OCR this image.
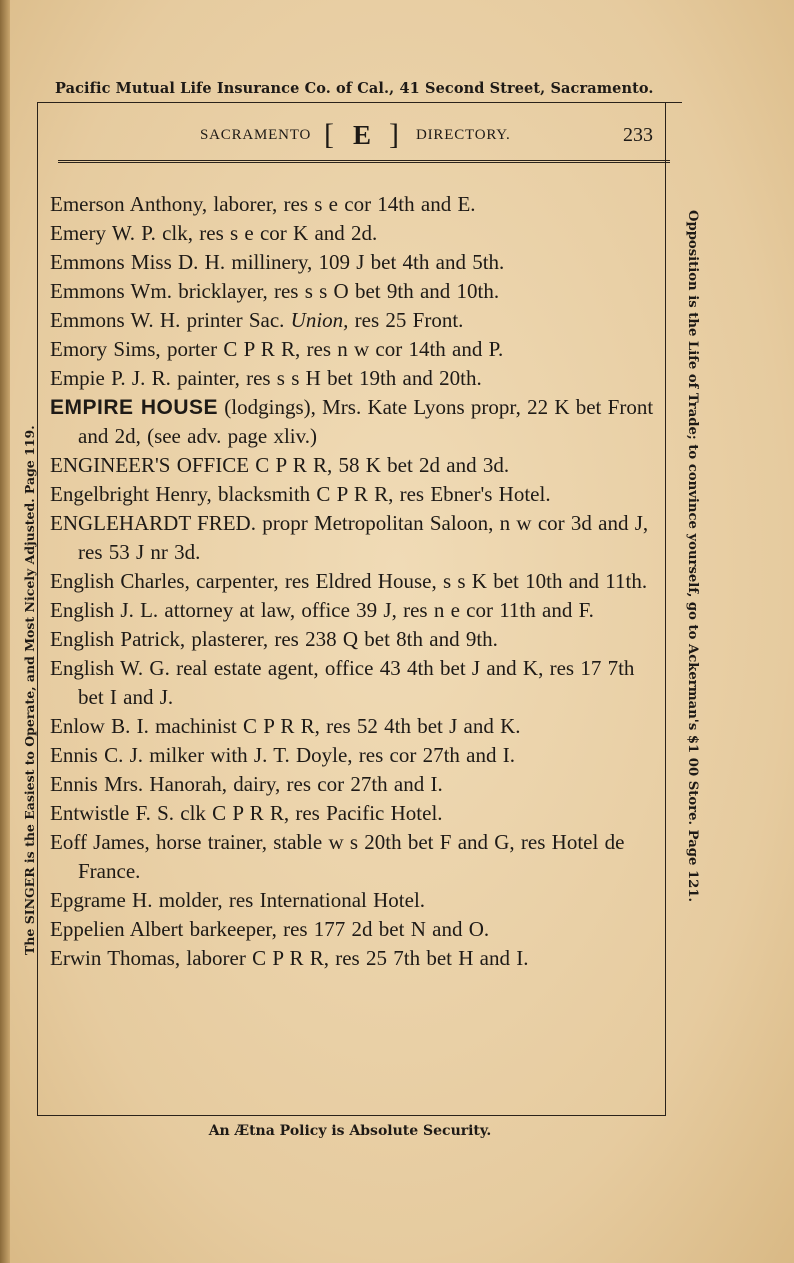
Pacific Mutual Life Insurance Co. of Cal., 41 Second Street, Sacramento.
SACRAMENTO [ E ] DIRECTORY.	233
Emerson Anthony, laborer, res s e cor 14th and E.
Emery W. P. clk, res s e cor K and 2d.
Emmons Miss D. H. millinery, 109 J bet 4th and 5th.
Emmons Wm. bricklayer, res s s O bet 9th and 10th.
Emmons W. H. printer Sac. Union, res 25 Front.
Emory Sims, porter C P R R, res n w cor 14th and P.
Empie P. J. R. painter, res s s H bet 19th and 20th.
EMPIRE HOUSE (lodgings), Mrs. Kate Lyons propr, 22 K bet Front and 2d, (see adv. page xliv.)
ENGINEER'S OFFICE C P R R, 58 K bet 2d and 3d.
Engelbright Henry, blacksmith C P R R, res Ebner's Hotel.
ENGLEHARDT FRED. propr Metropolitan Saloon, n w cor 3d and J, res 53 J nr 3d.
English Charles, carpenter, res Eldred House, s s K bet 10th and 11th.
English J. L. attorney at law, office 39 J, res n e cor 11th and F.
English Patrick, plasterer, res 238 Q bet 8th and 9th.
English W. G. real estate agent, office 43 4th bet J and K, res 17 7th bet I and J.
Enlow B. I. machinist C P R R, res 52 4th bet J and K.
Ennis C. J. milker with J. T. Doyle, res cor 27th and I.
Ennis Mrs. Hanorah, dairy, res cor 27th and I.
Entwistle F. S. clk C P R R, res Pacific Hotel.
Eoff James, horse trainer, stable w s 20th bet F and G, res Hotel de France.
Epgrame H. molder, res International Hotel.
Eppelien Albert barkeeper, res 177 2d bet N and O.
Erwin Thomas, laborer C P R R, res 25 7th bet H and I.
The SINGER is the Easiest to Operate, and Most Nicely Adjusted. Page 119.	Opposition is the Life of Trade; to convince yourself, go to Ackerman's $1 00 Store. Page 121.
An Ætna Policy is Absolute Security.
